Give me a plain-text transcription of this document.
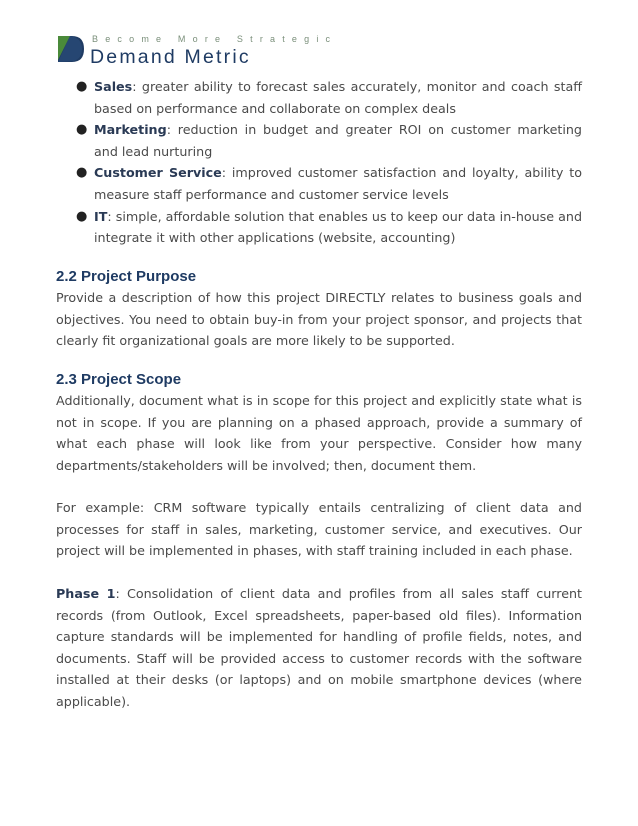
Become More Strategic
Demand Metric
● Sales: greater ability to forecast sales accurately, monitor and coach staff based on performance and collaborate on complex deals
● Marketing: reduction in budget and greater ROI on customer marketing and lead nurturing
● Customer Service: improved customer satisfaction and loyalty, ability to measure staff performance and customer service levels
● IT: simple, affordable solution that enables us to keep our data in-house and integrate it with other applications (website, accounting)
2.2 Project Purpose

Provide a description of how this project DIRECTLY relates to business goals and objectives. You need to obtain buy-in from your project sponsor, and projects that clearly fit organizational goals are more likely to be supported.

2.3 Project Scope

Additionally, document what is in scope for this project and explicitly state what is not in scope. If you are planning on a phased approach, provide a summary of what each phase will look like from your perspective. Consider how many departments/stakeholders will be involved; then, document them.

For example: CRM software typically entails centralizing of client data and processes for staff in sales, marketing, customer service, and executives. Our project will be implemented in phases, with staff training included in each phase.

Phase 1: Consolidation of client data and profiles from all sales staff current records (from Outlook, Excel spreadsheets, paper-based old files). Information capture standards will be implemented for handling of profile fields, notes, and documents. Staff will be provided access to customer records with the software installed at their desks (or laptops) and on mobile smartphone devices (where applicable).
